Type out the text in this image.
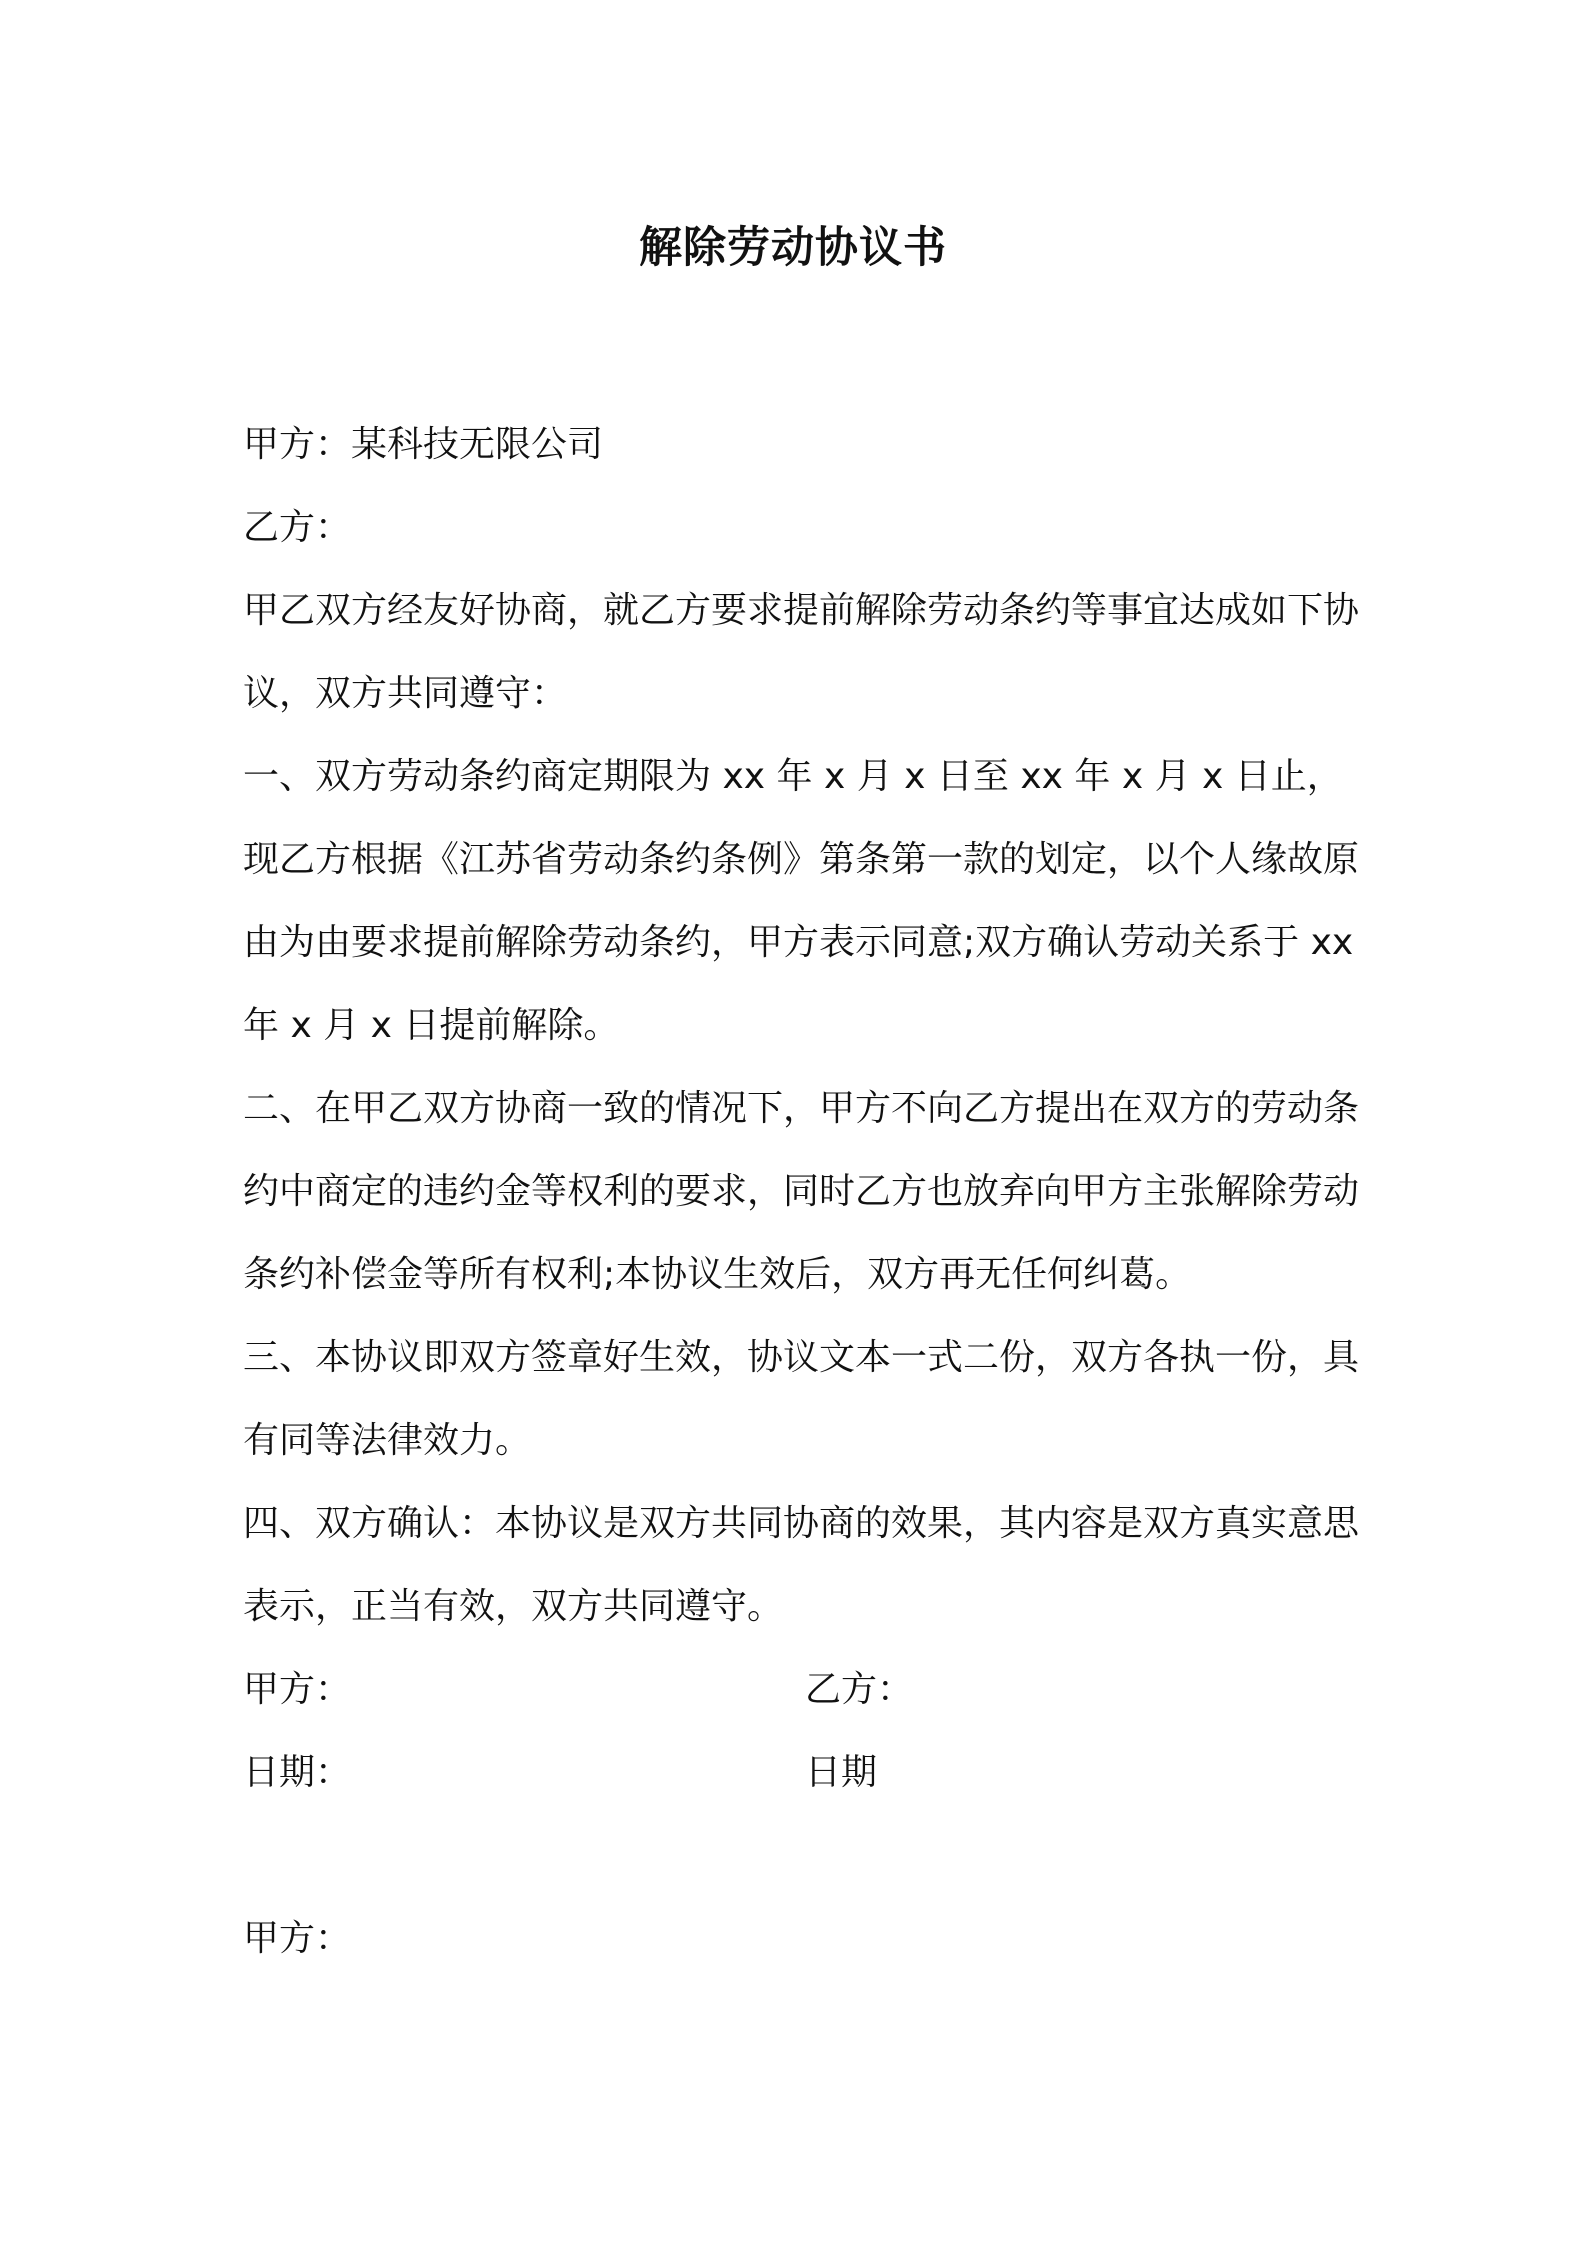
解除劳动协议书

甲方：某科技无限公司

乙方：

甲乙双方经友好协商，就乙方要求提前解除劳动条约等事宜达成如下协议，双方共同遵守：

一、双方劳动条约商定期限为 xx 年 x 月 x 日至 xx 年 x 月 x 日止，现乙方根据《江苏省劳动条约条例》第条第一款的划定，以个人缘故原由为由要求提前解除劳动条约，甲方表示同意;双方确认劳动关系于 xx 年 x 月 x 日提前解除。

二、在甲乙双方协商一致的情况下，甲方不向乙方提出在双方的劳动条约中商定的违约金等权利的要求，同时乙方也放弃向甲方主张解除劳动条约补偿金等所有权利;本协议生效后，双方再无任何纠葛。

三、本协议即双方签章好生效，协议文本一式二份，双方各执一份，具有同等法律效力。

四、双方确认：本协议是双方共同协商的效果，其内容是双方真实意思表示，正当有效，双方共同遵守。

甲方：	乙方：
日期：	日期

甲方：
